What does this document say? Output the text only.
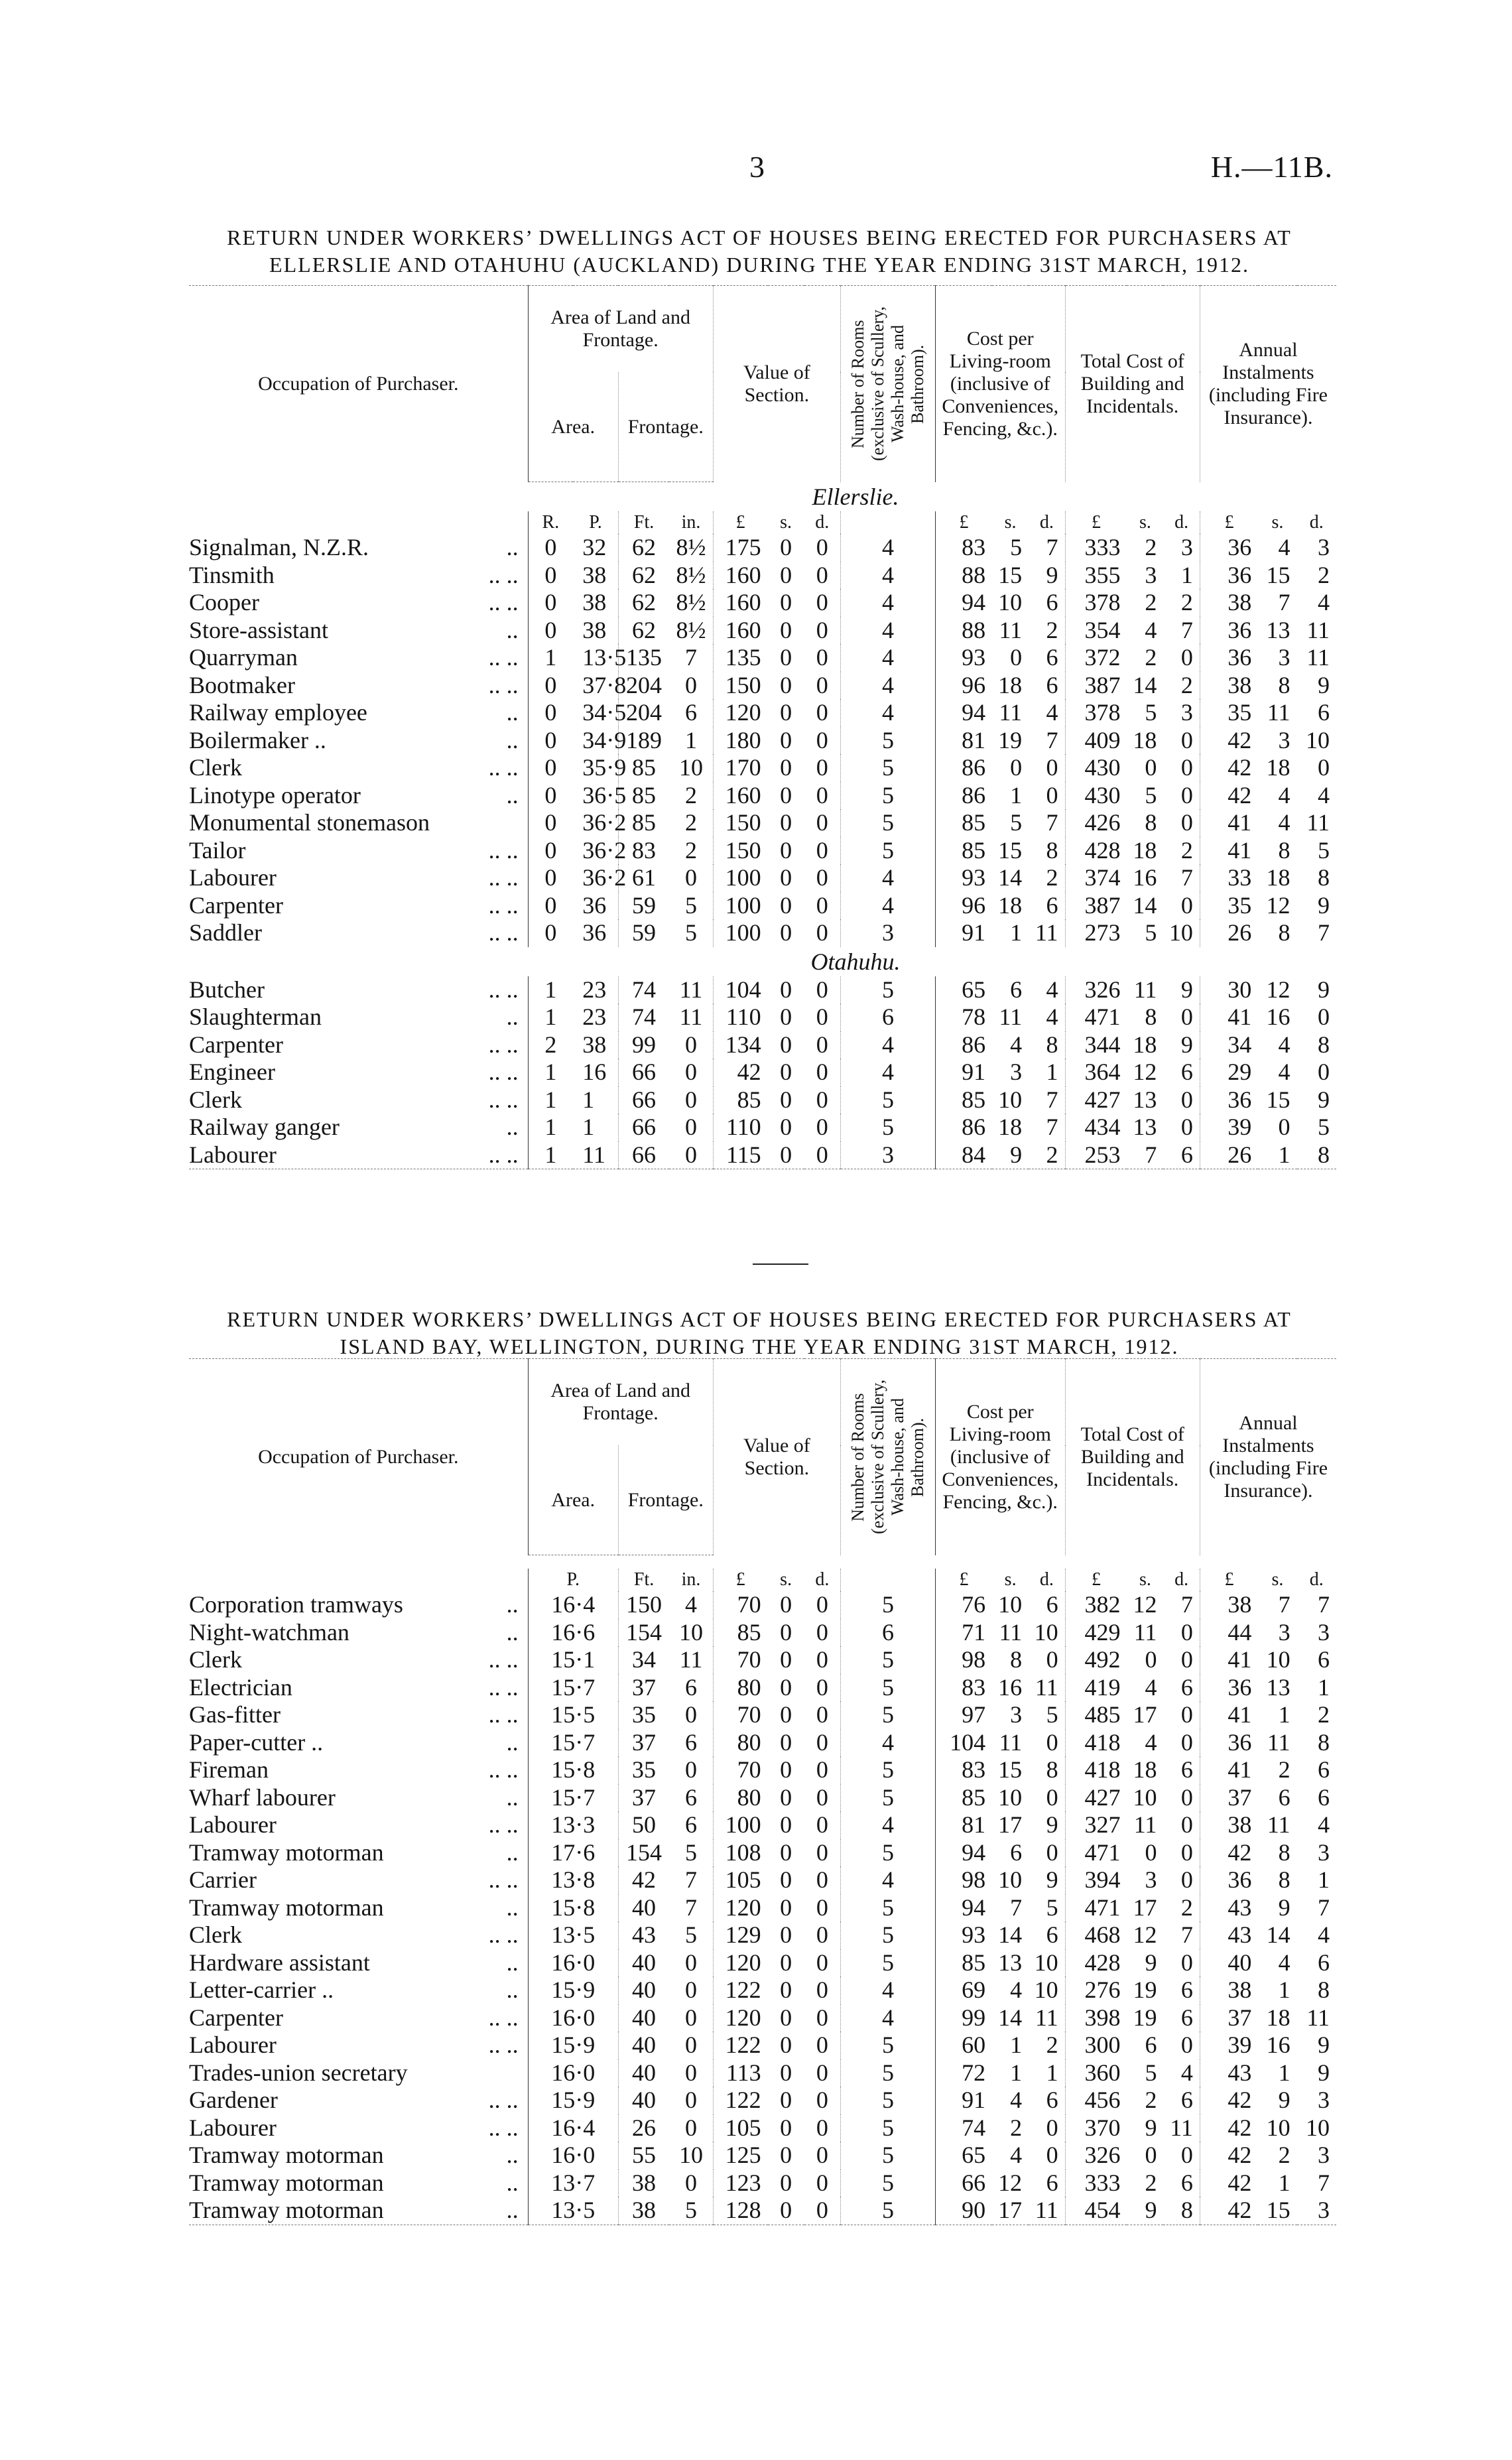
3	H.—11B.
RETURN UNDER WORKERS’ DWELLINGS ACT OF HOUSES BEING ERECTED FOR PURCHASERS AT
ELLERSLIE AND OTAHUHU (AUCKLAND) DURING THE YEAR ENDING 31ST MARCH, 1912.
Occupation of Purchaser.	Area of Land and Frontage.				Value of Section.			Number of Rooms (exclusive of Scullery, Wash-house, and Bathroom).	Cost per Living-room (inclusive of Conveniences, Fencing, &c.).			Total Cost of Building and Incidentals.			Annual Instalments (including Fire Insurance).		
	Area.		Frontage.														
Ellerslie.																	
	R.	P.	Ft.	in.	£	s.	d.		£	s.	d.	£	s.	d.	£	s.	d.
Signalman, N.Z.R. ..	0	32	62	8½	175	0	0	4	83	5	7	333	2	3	36	4	3
Tinsmith .. ..	0	38	62	8½	160	0	0	4	88	15	9	355	3	1	36	15	2
Cooper .. ..	0	38	62	8½	160	0	0	4	94	10	6	378	2	2	38	7	4
Store-assistant ..	0	38	62	8½	160	0	0	4	88	11	2	354	4	7	36	13	11
Quarryman .. ..	1	13·5	135	7	135	0	0	4	93	0	6	372	2	0	36	3	11
Bootmaker .. ..	0	37·8	204	0	150	0	0	4	96	18	6	387	14	2	38	8	9
Railway employee ..	0	34·5	204	6	120	0	0	4	94	11	4	378	5	3	35	11	6
Boilermaker .. ..	0	34·9	189	1	180	0	0	5	81	19	7	409	18	0	42	3	10
Clerk .. ..	0	35·9	85	10	170	0	0	5	86	0	0	430	0	0	42	18	0
Linotype operator ..	0	36·5	85	2	160	0	0	5	86	1	0	430	5	0	42	4	4
Monumental stonemason	0	36·2	85	2	150	0	0	5	85	5	7	426	8	0	41	4	11
Tailor .. ..	0	36·2	83	2	150	0	0	5	85	15	8	428	18	2	41	8	5
Labourer .. ..	0	36·2	61	0	100	0	0	4	93	14	2	374	16	7	33	18	8
Carpenter .. ..	0	36	59	5	100	0	0	4	96	18	6	387	14	0	35	12	9
Saddler .. ..	0	36	59	5	100	0	0	3	91	1	11	273	5	10	26	8	7
Otahuhu.																	
Butcher .. ..	1	23	74	11	104	0	0	5	65	6	4	326	11	9	30	12	9
Slaughterman ..	1	23	74	11	110	0	0	6	78	11	4	471	8	0	41	16	0
Carpenter .. ..	2	38	99	0	134	0	0	4	86	4	8	344	18	9	34	4	8
Engineer .. ..	1	16	66	0	42	0	0	4	91	3	1	364	12	6	29	4	0
Clerk .. ..	1	1	66	0	85	0	0	5	85	10	7	427	13	0	36	15	9
Railway ganger ..	1	1	66	0	110	0	0	5	86	18	7	434	13	0	39	0	5
Labourer .. ..	1	11	66	0	115	0	0	3	84	9	2	253	7	6	26	1	8
RETURN UNDER WORKERS’ DWELLINGS ACT OF HOUSES BEING ERECTED FOR PURCHASERS AT
ISLAND BAY, WELLINGTON, DURING THE YEAR ENDING 31ST MARCH, 1912.
Occupation of Purchaser.	Area of Land and Frontage.			Value of Section.			Number of Rooms (exclusive of Scullery, Wash-house, and Bathroom).	Cost per Living-room (inclusive of Conveniences, Fencing, &c.).			Total Cost of Building and Incidentals.			Annual Instalments (including Fire Insurance).		
	Area.	Frontage.														

	P.	Ft.	in.	£	s.	d.		£	s.	d.	£	s.	d.	£	s.	d.
Corporation tramways ..	16·4	150	4	70	0	0	5	76	10	6	382	12	7	38	7	7
Night-watchman ..	16·6	154	10	85	0	0	6	71	11	10	429	11	0	44	3	3
Clerk .. ..	15·1	34	11	70	0	0	5	98	8	0	492	0	0	41	10	6
Electrician .. ..	15·7	37	6	80	0	0	5	83	16	11	419	4	6	36	13	1
Gas-fitter .. ..	15·5	35	0	70	0	0	5	97	3	5	485	17	0	41	1	2
Paper-cutter .. ..	15·7	37	6	80	0	0	4	104	11	0	418	4	0	36	11	8
Fireman .. ..	15·8	35	0	70	0	0	5	83	15	8	418	18	6	41	2	6
Wharf labourer ..	15·7	37	6	80	0	0	5	85	10	0	427	10	0	37	6	6
Labourer .. ..	13·3	50	6	100	0	0	4	81	17	9	327	11	0	38	11	4
Tramway motorman ..	17·6	154	5	108	0	0	5	94	6	0	471	0	0	42	8	3
Carrier .. ..	13·8	42	7	105	0	0	4	98	10	9	394	3	0	36	8	1
Tramway motorman ..	15·8	40	7	120	0	0	5	94	7	5	471	17	2	43	9	7
Clerk .. ..	13·5	43	5	129	0	0	5	93	14	6	468	12	7	43	14	4
Hardware assistant ..	16·0	40	0	120	0	0	5	85	13	10	428	9	0	40	4	6
Letter-carrier .. ..	15·9	40	0	122	0	0	4	69	4	10	276	19	6	38	1	8
Carpenter .. ..	16·0	40	0	120	0	0	4	99	14	11	398	19	6	37	18	11
Labourer .. ..	15·9	40	0	122	0	0	5	60	1	2	300	6	0	39	16	9
Trades-union secretary	16·0	40	0	113	0	0	5	72	1	1	360	5	4	43	1	9
Gardener .. ..	15·9	40	0	122	0	0	5	91	4	6	456	2	6	42	9	3
Labourer .. ..	16·4	26	0	105	0	0	5	74	2	0	370	9	11	42	10	10
Tramway motorman ..	16·0	55	10	125	0	0	5	65	4	0	326	0	0	42	2	3
Tramway motorman ..	13·7	38	0	123	0	0	5	66	12	6	333	2	6	42	1	7
Tramway motorman ..	13·5	38	5	128	0	0	5	90	17	11	454	9	8	42	15	3
